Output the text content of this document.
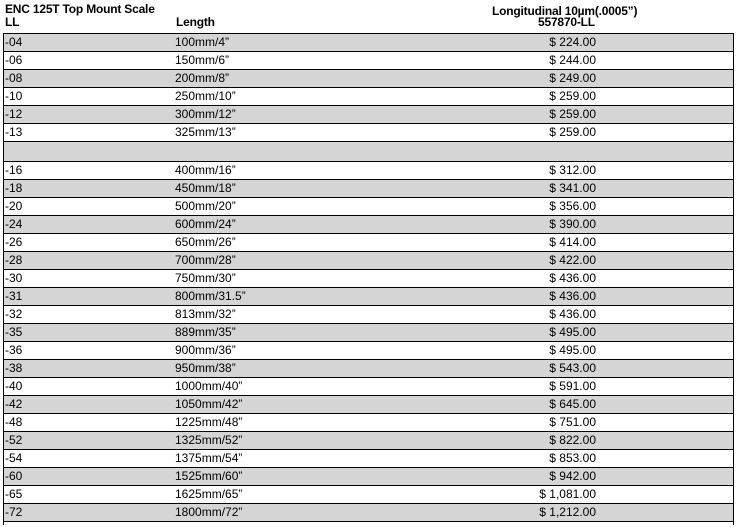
ENC 125T Top Mount Scale
LL	Length
Longitudinal 10µm(.0005”)
557870-LL
-04	100mm/4”	$ 224.00
-06	150mm/6”	$ 244.00
-08	200mm/8”	$ 249.00
-10	250mm/10”	$ 259.00
-12	300mm/12”	$ 259.00
-13	325mm/13”	$ 259.00
-16	400mm/16”	$ 312.00
-18	450mm/18”	$ 341.00
-20	500mm/20”	$ 356.00
-24	600mm/24”	$ 390.00
-26	650mm/26”	$ 414.00
-28	700mm/28”	$ 422.00
-30	750mm/30”	$ 436.00
-31	800mm/31.5”	$ 436.00
-32	813mm/32”	$ 436.00
-35	889mm/35”	$ 495.00
-36	900mm/36”	$ 495.00
-38	950mm/38”	$ 543.00
-40	1000mm/40”	$ 591.00
-42	1050mm/42”	$ 645.00
-48	1225mm/48”	$ 751.00
-52	1325mm/52”	$ 822.00
-54	1375mm/54”	$ 853.00
-60	1525mm/60”	$ 942.00
-65	1625mm/65”	$ 1,081.00
-72	1800mm/72”	$ 1,212.00
